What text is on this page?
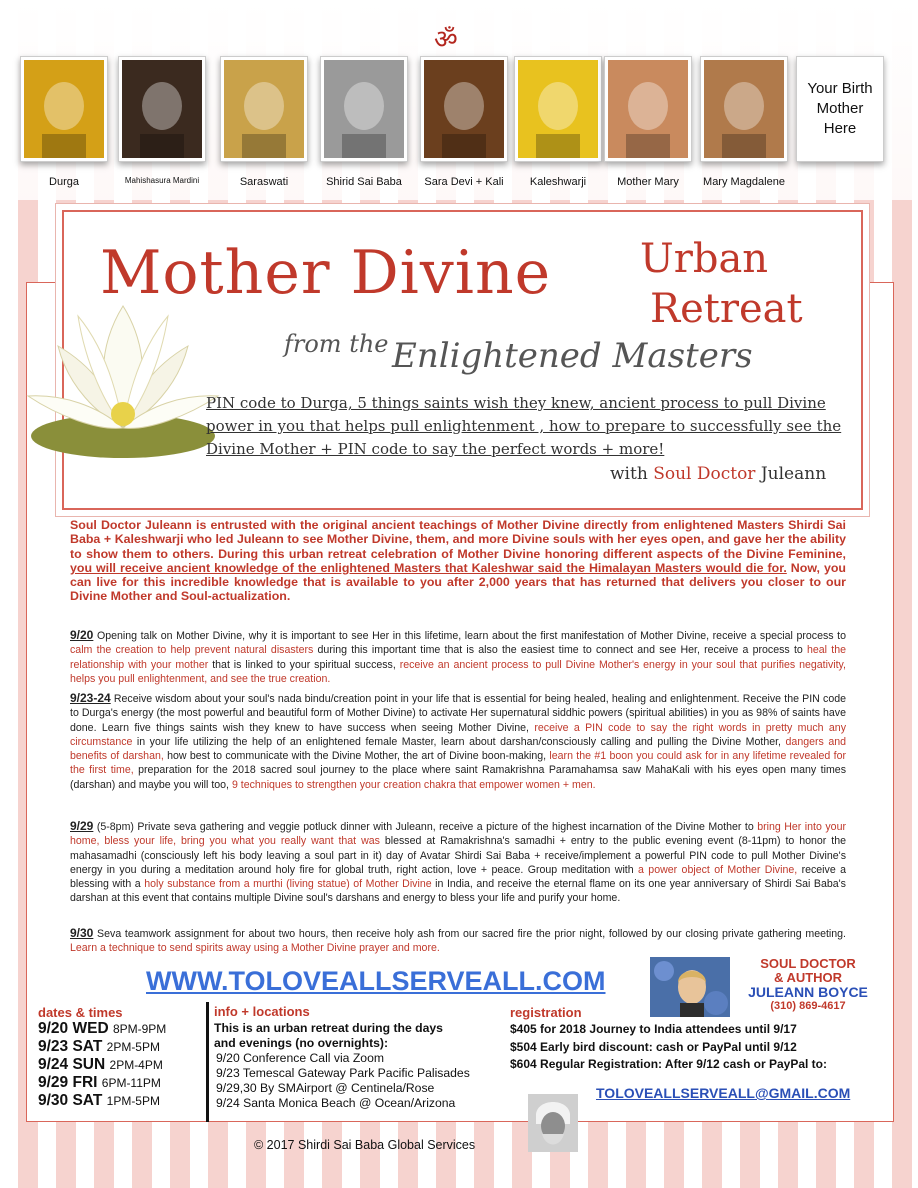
ॐ
Durga	Mahishasura Mardini	Saraswati	Shirid Sai Baba	Sara Devi + Kali	Kaleshwarji	Mother Mary	Mary Magdalene
Your Birth
Mother
Here
Mother Divine Urban
Retreat
from the Enlightened Masters
PIN code to Durga, 5 things saints wish they knew, ancient process to pull Divine power in you that helps pull enlightenment , how to prepare to successfully see the Divine Mother + PIN code to say the perfect words + more!
with Soul Doctor Juleann
Soul Doctor Juleann is entrusted with the original ancient teachings of Mother Divine directly from enlightened Masters Shirdi Sai Baba + Kaleshwarji who led Juleann to see Mother Divine, them, and more Divine souls with her eyes open, and gave her the ability to show them to others. During this urban retreat celebration of Mother Divine honoring different aspects of the Divine Feminine, you will receive ancient knowledge of the enlightened Masters that Kaleshwar said the Himalayan Masters would die for. Now, you can live for this incredible knowledge that is available to you after 2,000 years that has returned that delivers you closer to our Divine Mother and Soul-actualization.
9/20 Opening talk on Mother Divine, why it is important to see Her in this lifetime, learn about the first manifestation of Mother Divine, receive a special process to calm the creation to help prevent natural disasters during this important time that is also the easiest time to connect and see Her, receive a process to heal the relationship with your mother that is linked to your spiritual success, receive an ancient process to pull Divine Mother's energy in your soul that purifies negativity, helps you pull enlightenment, and see the true creation.
9/23-24 Receive wisdom about your soul's nada bindu/creation point in your life that is essential for being healed, healing and enlightenment. Receive the PIN code to Durga's energy (the most powerful and beautiful form of Mother Divine) to activate Her supernatural siddhic powers (spiritual abilities) in you as 98% of saints have done. Learn five things saints wish they knew to have success when seeing Mother Divine, receive a PIN code to say the right words in pretty much any circumstance in your life utilizing the help of an enlightened female Master, learn about darshan/consciously calling and pulling the Divine Mother, dangers and benefits of darshan, how best to communicate with the Divine Mother, the art of Divine boon-making, learn the #1 boon you could ask for in any lifetime revealed for the first time, preparation for the 2018 sacred soul journey to the place where saint Ramakrishna Paramahamsa saw MahaKali with his eyes open many times (darshan) and maybe you will too, 9 techniques to strengthen your creation chakra that empower women + men.
9/29 (5-8pm) Private seva gathering and veggie potluck dinner with Juleann, receive a picture of the highest incarnation of the Divine Mother to bring Her into your home, bless your life, bring you what you really want that was blessed at Ramakrishna's samadhi + entry to the public evening event (8-11pm) to honor the mahasamadhi (consciously left his body leaving a soul part in it) day of Avatar Shirdi Sai Baba + receive/implement a powerful PIN code to pull Mother Divine's energy in you during a meditation around holy fire for global truth, right action, love + peace. Group meditation with a power object of Mother Divine, receive a blessing with a holy substance from a murthi (living statue) of Mother Divine in India, and receive the eternal flame on its one year anniversary of Shirdi Sai Baba's darshan at this event that contains multiple Divine soul's darshans and energy to bless your life and purify your home.
9/30 Seva teamwork assignment for about two hours, then receive holy ash from our sacred fire the prior night, followed by our closing private gathering meeting. Learn a technique to send spirits away using a Mother Divine prayer and more.
WWW.TOLOVEALLSERVEALL.COM
SOUL DOCTOR
& AUTHOR
JULEANN BOYCE
(310) 869-4617
dates & times
9/20 WED 8PM-9PM
9/23 SAT 2PM-5PM
9/24 SUN 2PM-4PM
9/29 FRI 6PM-11PM
9/30 SAT 1PM-5PM
info + locations
This is an urban retreat during the days
and evenings (no overnights):
9/20 Conference Call via Zoom
9/23 Temescal Gateway Park Pacific Palisades
9/29,30 By SMAirport @ Centinela/Rose
9/24 Santa Monica Beach @ Ocean/Arizona
registration
$405 for 2018 Journey to India attendees until 9/17
$504 Early bird discount: cash or PayPal until 9/12
$604 Regular Registration: After 9/12 cash or PayPal to:
TOLOVEALLSERVEALL@GMAIL.COM
© 2017 Shirdi Sai Baba Global Services
